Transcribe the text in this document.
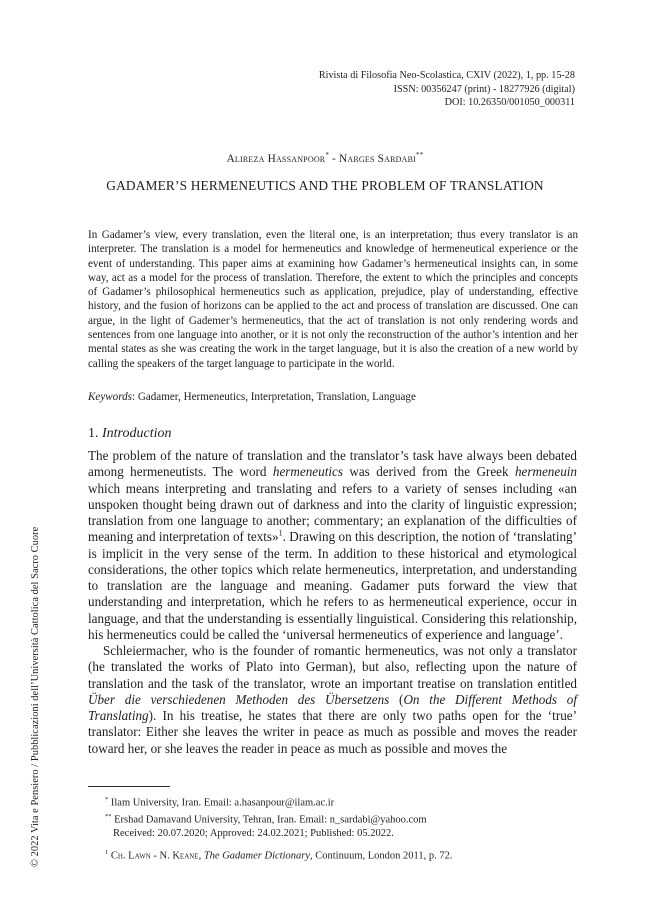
Rivista di Filosofia Neo-Scolastica, CXIV (2022), 1, pp. 15-28
ISSN: 00356247 (print) - 18277926 (digital)
DOI: 10.26350/001050_000311
Alireza Hassanpoor* - Narges Sardabi**
GADAMER’S HERMENEUTICS AND THE PROBLEM OF TRANSLATION

In Gadamer’s view, every translation, even the literal one, is an interpretation; thus every translator is an interpreter. The translation is a model for hermeneutics and knowledge of hermeneutical experience or the event of understanding. This paper aims at examining how Gadamer’s hermeneutical insights can, in some way, act as a model for the process of translation. Therefore, the extent to which the principles and concepts of Gadamer’s philosophical hermeneutics such as application, prejudice, play of understanding, effective history, and the fusion of horizons can be applied to the act and process of translation are discussed. One can argue, in the light of Gademer’s hermeneutics, that the act of translation is not only rendering words and sentences from one language into another, or it is not only the reconstruction of the author’s intention and her mental states as she was creating the work in the target language, but it is also the creation of a new world by calling the speakers of the target language to participate in the world.

Keywords: Gadamer, Hermeneutics, Interpretation, Translation, Language

1. Introduction

The problem of the nature of translation and the translator’s task have always been debated among hermeneutists. The word hermeneutics was derived from the Greek hermeneuin which means interpreting and translating and refers to a variety of senses including «an unspoken thought being drawn out of darkness and into the clarity of linguistic expression; translation from one language to another; commentary; an explanation of the difficulties of meaning and interpretation of texts»$^1$. Drawing on this description, the notion of ‘translating’ is implicit in the very sense of the term. In addition to these historical and etymological considerations, the other topics which relate hermeneutics, interpretation, and understanding to translation are the language and meaning. Gadamer puts forward the view that understanding and interpretation, which he refers to as hermeneutical experience, occur in language, and that the understanding is essentially linguistical. Considering this relationship, his hermeneutics could be called the ‘universal hermeneutics of experience and language’.

Schleiermacher, who is the founder of romantic hermeneutics, was not only a translator (he translated the works of Plato into German), but also, reflecting upon the nature of translation and the task of the translator, wrote an important treatise on translation entitled Über die verschiedenen Methoden des Übersetzens (On the Different Methods of Translating). In his treatise, he states that there are only two paths open for the ‘true’ translator: Either she leaves the writer in peace as much as possible and moves the reader toward her, or she leaves the reader in peace as much as possible and moves the

* Ilam University, Iran. Email: a.hasanpour@ilam.ac.ir
** Ershad Damavand University, Tehran, Iran. Email: n_sardabi@yahoo.com
Received: 20.07.2020; Approved: 24.02.2021; Published: 05.2022.
$^1$ Ch. Lawn - N. Keane, The Gadamer Dictionary, Continuum, London 2011, p. 72.
© 2022 Vita e Pensiero / Pubblicazioni dell’Università Cattolica del Sacro Cuore
